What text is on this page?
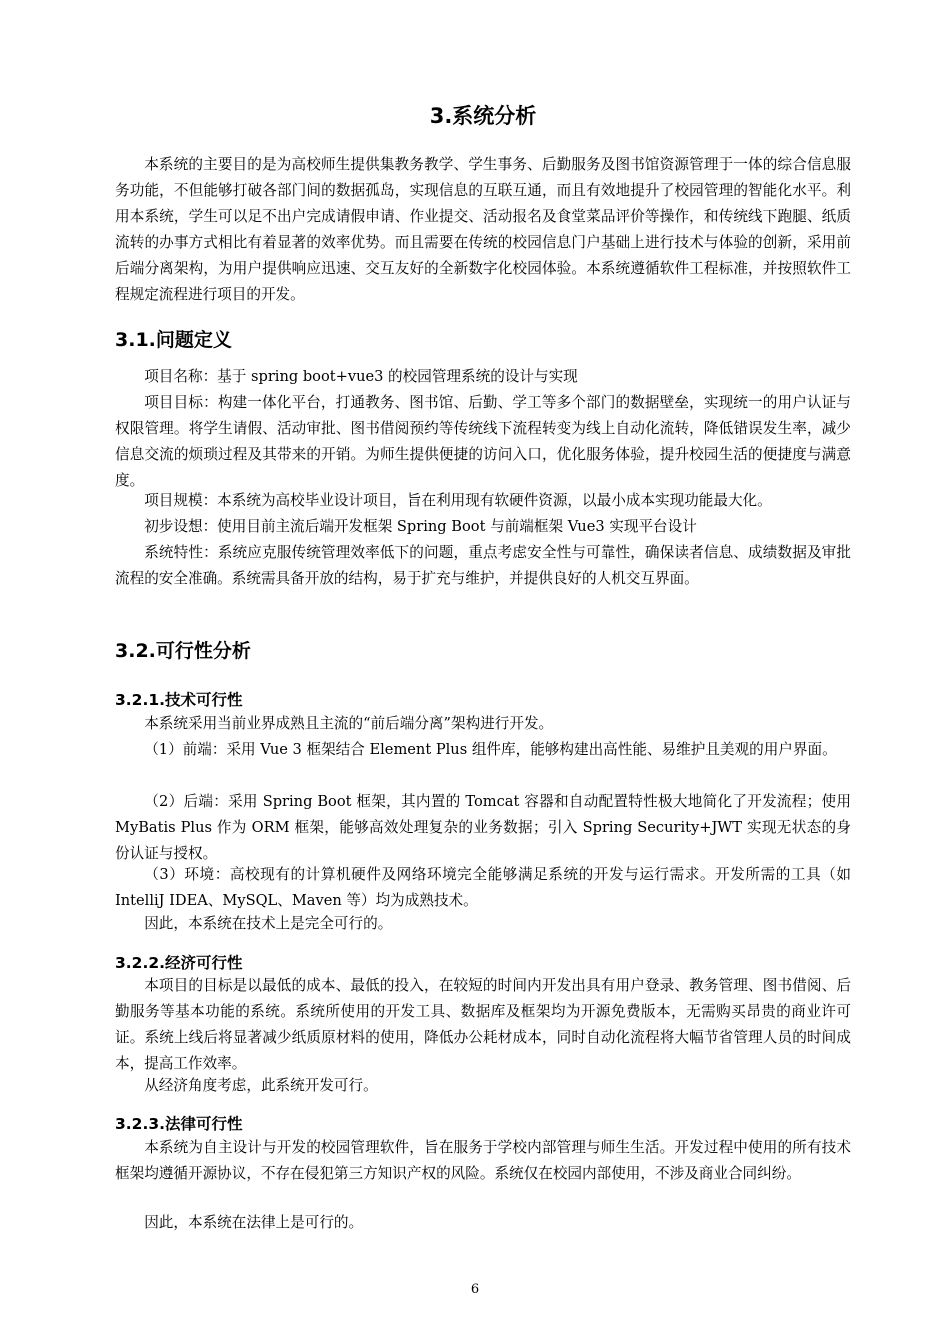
3.系统分析

本系统的主要目的是为高校师生提供集教务教学、学生事务、后勤服务及图书馆资源管理于一体的综合信息服务功能，不但能够打破各部门间的数据孤岛，实现信息的互联互通，而且有效地提升了校园管理的智能化水平。利用本系统，学生可以足不出户完成请假申请、作业提交、活动报名及食堂菜品评价等操作，和传统线下跑腿、纸质流转的办事方式相比有着显著的效率优势。而且需要在传统的校园信息门户基础上进行技术与体验的创新，采用前后端分离架构，为用户提供响应迅速、交互友好的全新数字化校园体验。本系统遵循软件工程标准，并按照软件工程规定流程进行项目的开发。

3.1.问题定义

项目名称：基于 spring boot+vue3 的校园管理系统的设计与实现

项目目标：构建一体化平台，打通教务、图书馆、后勤、学工等多个部门的数据壁垒，实现统一的用户认证与权限管理。将学生请假、活动审批、图书借阅预约等传统线下流程转变为线上自动化流转，降低错误发生率，减少信息交流的烦琐过程及其带来的开销。为师生提供便捷的访问入口，优化服务体验，提升校园生活的便捷度与满意度。

项目规模：本系统为高校毕业设计项目，旨在利用现有软硬件资源，以最小成本实现功能最大化。

初步设想：使用目前主流后端开发框架 Spring Boot 与前端框架 Vue3 实现平台设计

系统特性：系统应克服传统管理效率低下的问题，重点考虑安全性与可靠性，确保读者信息、成绩数据及审批流程的安全准确。系统需具备开放的结构，易于扩充与维护，并提供良好的人机交互界面。

3.2.可行性分析
3.2.1.技术可行性

本系统采用当前业界成熟且主流的“前后端分离”架构进行开发。

（1）前端：采用 Vue 3 框架结合 Element Plus 组件库，能够构建出高性能、易维护且美观的用户界面。

（2）后端：采用 Spring Boot 框架，其内置的 Tomcat 容器和自动配置特性极大地简化了开发流程；使用 MyBatis Plus 作为 ORM 框架，能够高效处理复杂的业务数据；引入 Spring Security+JWT 实现无状态的身份认证与授权。

（3）环境：高校现有的计算机硬件及网络环境完全能够满足系统的开发与运行需求。开发所需的工具（如 IntelliJ IDEA、MySQL、Maven 等）均为成熟技术。

因此，本系统在技术上是完全可行的。

3.2.2.经济可行性

本项目的目标是以最低的成本、最低的投入，在较短的时间内开发出具有用户登录、教务管理、图书借阅、后勤服务等基本功能的系统。系统所使用的开发工具、数据库及框架均为开源免费版本，无需购买昂贵的商业许可证。系统上线后将显著减少纸质原材料的使用，降低办公耗材成本，同时自动化流程将大幅节省管理人员的时间成本，提高工作效率。

从经济角度考虑，此系统开发可行。

3.2.3.法律可行性

本系统为自主设计与开发的校园管理软件，旨在服务于学校内部管理与师生生活。开发过程中使用的所有技术框架均遵循开源协议，不存在侵犯第三方知识产权的风险。系统仅在校园内部使用，不涉及商业合同纠纷。

因此，本系统在法律上是可行的。

6
